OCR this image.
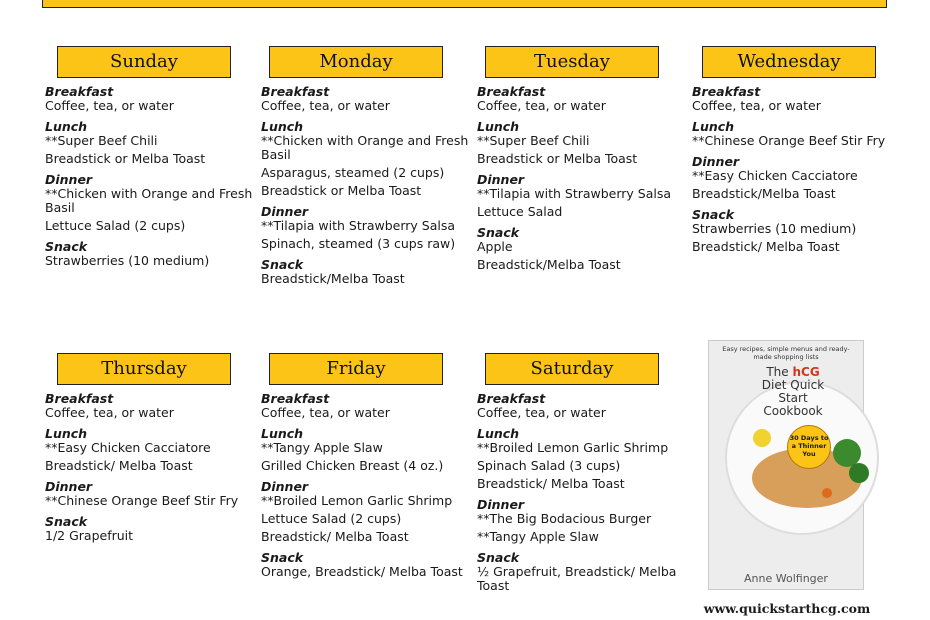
Sunday
Breakfast
Coffee, tea, or water
Lunch
**Super Beef Chili
Breadstick or Melba Toast
Dinner
**Chicken with Orange and Fresh Basil
Lettuce Salad (2 cups)
Snack
Strawberries (10 medium)
Monday
Breakfast
Coffee, tea, or water
Lunch
**Chicken with Orange and Fresh Basil
Asparagus, steamed (2 cups)
Breadstick or Melba Toast
Dinner
**Tilapia with Strawberry Salsa
Spinach, steamed (3 cups raw)
Snack
Breadstick/Melba Toast
Tuesday
Breakfast
Coffee, tea, or water
Lunch
**Super Beef Chili
Breadstick or Melba Toast
Dinner
**Tilapia with Strawberry Salsa
Lettuce Salad
Snack
Apple
Breadstick/Melba Toast
Wednesday
Breakfast
Coffee, tea, or water
Lunch
**Chinese Orange Beef Stir Fry
Dinner
**Easy Chicken Cacciatore
Breadstick/Melba Toast
Snack
Strawberries (10 medium)
Breadstick/ Melba Toast
Thursday
Breakfast
Coffee, tea, or water
Lunch
**Easy Chicken Cacciatore
Breadstick/ Melba Toast
Dinner
**Chinese Orange Beef Stir Fry
Snack
1/2 Grapefruit
Friday
Breakfast
Coffee, tea, or water
Lunch
**Tangy Apple Slaw
Grilled Chicken Breast (4 oz.)
Dinner
**Broiled Lemon Garlic Shrimp
Lettuce Salad (2 cups)
Breadstick/ Melba Toast
Snack
Orange, Breadstick/ Melba Toast
Saturday
Breakfast
Coffee, tea, or water
Lunch
**Broiled Lemon Garlic Shrimp
Spinach Salad (3 cups)
Breadstick/ Melba Toast
Dinner
**The Big Bodacious Burger
**Tangy Apple Slaw
Snack
½ Grapefruit, Breadstick/ Melba Toast
Easy recipes, simple menus and ready-made shopping lists
The hCG Diet Quick Start Cookbook
30 Days to a Thinner You
Anne Wolfinger
www.quickstarthcg.com
